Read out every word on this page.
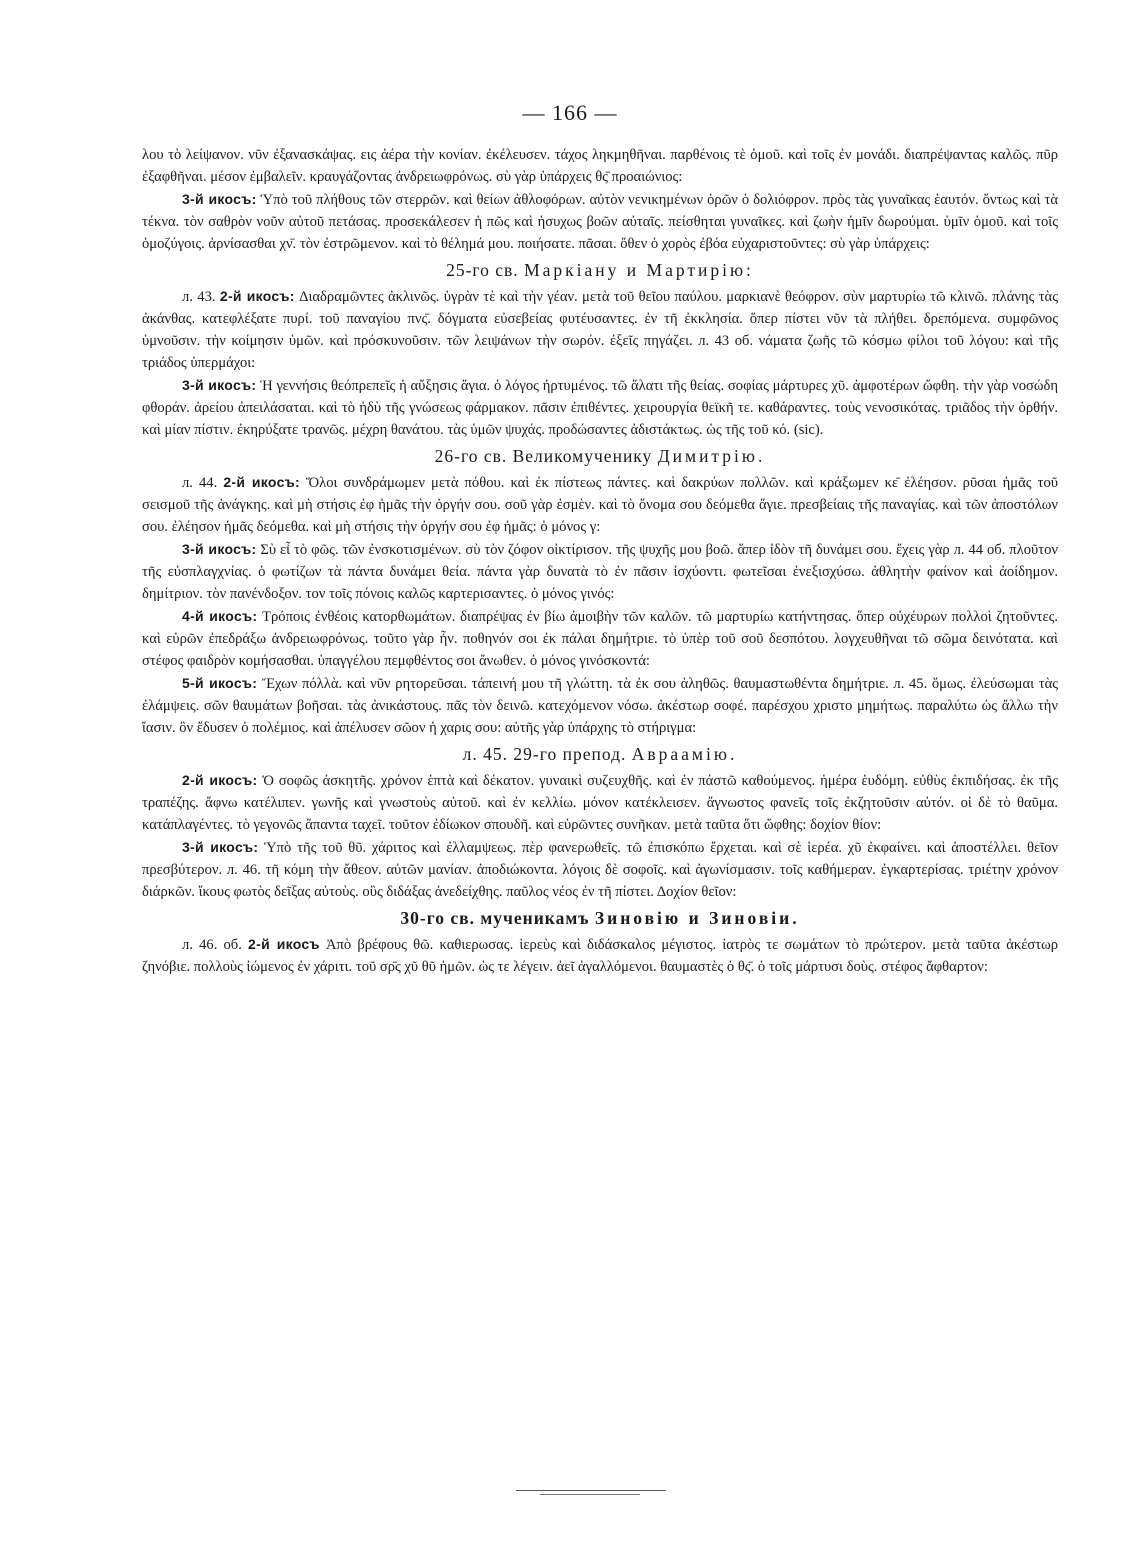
— 166 —

λου τὸ λείψανον. νῦν ἐξανασκάψας. εις ἀέρα τὴν κονίαν. ἐκέλευσεν. τάχος ληκμηθῆναι. παρθένοις τὲ ὁμοῦ. καὶ τοῖς ἐν μονάδι. διαπρέψαντας καλῶς. πῦρ ἐξαφθῆναι. μέσον ἐμβαλεῖν. κραυγάζοντας ἀνδρειωφρόνως. σὺ γὰρ ὑπάρχεις θς̄ προαιώνιος:

3-й икосъ: Ὑπὸ τοῦ πλήθους τῶν στερρῶν. καὶ θείων ἀθλοφόρων. αὐτὸν νενικημένων ὁρῶν ὁ δολιόφρον. πρὸς τὰς γυναῖκας ἑαυτόν. ὄντως καὶ τὰ τέκνα. τὸν σαθρὸν νοῦν αὐτοῦ πετάσας. προσεκάλεσεν ἡ πῶς καὶ ἡσυχως βοῶν αὐταῖς. πείσθηται γυναῖκες. καὶ ζωὴν ἡμῖν δωρούμαι. ὑμῖν ὁμοῦ. καὶ τοῖς ὁμοζύγοις. ἀρνίσασθαι χν̄. τὸν ἐστρῶμενον. καὶ τὸ θέλημά μου. ποιήσατε. πᾶσαι. ὅθεν ὁ χορὸς ἐβόα εὐχαριστοῦντες: σὺ γὰρ ὑπάρχεις:

25-го св. Маркіану и Мартирію:

л. 43. 2-й икосъ: Διαδραμῶντες ἀκλινῶς. ὑγρὰν τὲ καὶ τὴν γέαν. μετὰ τοῦ θεῖου παύλου. μαρκιανὲ θεόφρον. σὺν μαρτυρίω τῶ κλινῶ. πλάνης τὰς ἀκάνθας. κατεφλέξατε πυρί. τοῦ παναγίου πνς̄. δόγματα εὐσεβείας φυτέυσαντες. ἐν τῆ ἐκκλησία. ὅπερ πίστει νῦν τὰ πλήθει. δρεπόμενα. συμφῶνος ὑμνοῦσιν. τὴν κοίμησιν ὑμῶν. καὶ πρόσκυνοῦσιν. τῶν λειψάνων τὴν σωρόν. ἐξεῖς πηγάζει. л. 43 об. νάματα ζωῆς τῶ κόσμω φίλοι τοῦ λόγου: καὶ τῆς τριάδος ὑπερμάχοι:

3-й икосъ: Ἡ γεννήσις θεόπρεπεῖς ἡ αὔξησις ἅγια. ὁ λόγος ἠρτυμένος. τῶ ἅλατι τῆς θείας. σοφίας μάρτυρες χῦ. ἀμφοτέρων ὤφθη. τὴν γὰρ νοσώδη φθοράν. ἀρείου ἀπειλάσαται. καὶ τὸ ἡδὺ τῆς γνώσεως φάρμακον. πᾶσιν ἐπιθέντες. χειρουργία θεϊκῆ τε. καθάραντες. τοὺς νενοσικότας. τριᾶδος τὴν ὀρθήν. καὶ μίαν πίστιν. ἐκηρύξατε τρανῶς. μέχρη θανάτου. τὰς ὑμῶν ψυχάς. προδώσαντες ἀδιστάκτως. ὡς τῆς τοῦ κό. (sic).

26-го св. Великомученику Димитрію.

л. 44. 2-й икосъ: Ὅλοι συνδράμωμεν μετὰ πόθου. καὶ ἐκ πίστεως πάντες. καὶ δακρύων πολλῶν. καὶ κράξωμεν κε̄ ἐλέησον. ρῦσαι ἡμᾶς τοῦ σεισμοῦ τῆς ἀνάγκης. καὶ μὴ στήσις ἐφ ἡμᾶς τὴν ὀργήν σου. σοῦ γὰρ ἐσμὲν. καὶ τὸ ὄνομα σου δεόμεθα ἅγιε. πρεσβείαις τῆς παναγίας. καὶ τῶν ἀποστόλων σου. ἐλέησον ἡμᾶς δεόμεθα. καὶ μὴ στήσις τὴν ὀργήν σου ἐφ ἡμᾶς: ὁ μόνος γ:

3-й икосъ: Σὺ εἶ τὸ φῶς. τῶν ἐνσκοτισμένων. σὺ τὸν ζόφον οἰκτίρισον. τῆς ψυχῆς μου βοῶ. ἅπερ ἰδὸν τῆ δυνάμει σου. ἔχεις γὰρ л. 44 об. πλοῦτον τῆς εὐσπλαγχνίας. ὁ φωτίζων τὰ πάντα δυνάμει θεία. πάντα γὰρ δυνατὰ τὸ ἐν πᾶσιν ἰσχύοντι. φωτεῖσαι ἐνεξισχύσω. ἀθλητὴν φαίνον καὶ ἀοίδημον. δημίτριον. τὸν πανένδοξον. τον τοῖς πόνοις καλῶς καρτερισαντες. ὁ μόνος γινός:

4-й икосъ: Τρόποις ἐνθέοις κατορθωμάτων. διαπρέψας ἐν βίω ἀμοιβὴν τῶν καλῶν. τῶ μαρτυρίω κατήντησας. ὅπερ οὐχέυρων πολλοὶ ζητοῦντες. καὶ εὑρῶν ἐπεδράξω ἀνδρειωφρόνως. τοῦτο γὰρ ἦν. ποθηνόν σοι ἐκ πάλαι δημήτριε. τὸ ὑπὲρ τοῦ σοῦ δεσπότου. λογχευθῆναι τῶ σῶμα δεινότατα. καὶ στέφος φαιδρὸν κομήσασθαι. ὑπαγγέλου πεμφθέντος σοι ἄνωθεν. ὁ μόνος γινόσκοντά:

5-й икосъ: Ἔχων πόλλὰ. καὶ νῦν ρητορεῦσαι. τάπεινή μου τῆ γλώττη. τὰ ἐκ σου ἀληθῶς. θαυμαστωθέντα δημήτριε. л. 45. ὅμως. ἐλεύσωμαι τὰς ἐλάμψεις. σῶν θαυμάτων βοῆσαι. τὰς ἀνικάστους. πᾶς τὸν δεινῶ. κατεχόμενον νόσω. ἀκέστωρ σοφέ. παρέσχου χριστο μημήτως. παραλύτω ὡς ἄλλω τὴν ἴασιν. ὃν ἔδυσεν ὁ πολέμιος. καὶ ἀπέλυσεν σῶον ἡ χαρις σου: αὐτῆς γὰρ ὑπάρχης τὸ στήριγμα:

л. 45. 29-го препод. Авраамію.

2-й икосъ: Ὁ σοφῶς ἀσκητῆς. χρόνον ἑπτὰ καὶ δέκατον. γυναικὶ συζευχθῆς. καὶ ἐν πάστῶ καθούμενος. ἡμέρα ἑυδόμη. εὐθὺς ἐκπιδήσας. ἐκ τῆς τραπέζης. ἄφνω κατέλιπεν. γωνῆς καὶ γνωστοὺς αὐτοῦ. καὶ ἐν κελλίω. μόνον κατέκλεισεν. ἄγνωστος φανεῖς τοῖς ἐκζητοῦσιν αὐτόν. οἱ δὲ τὸ θαῦμα. κατάπλαγέντες. τὸ γεγονῶς ἅπαντα ταχεῖ. τοῦτον ἐδίωκον σπουδῆ. καὶ εὑρῶντες συνῆκαν. μετὰ ταῦτα ὅτι ὤφθης: δοχίον θίον:

3-й икосъ: Ὑπὸ τῆς τοῦ θῦ. χάριτος καὶ ἐλλαμψεως. πὲρ φανερωθεῖς. τῶ ἐπισκόπω ἔρχεται. καὶ σὲ ἱερέα. χῦ ἐκφαίνει. καὶ ἀποστέλλει. θεῖον πρεσβύτερον. л. 46. τῆ κόμη τὴν ἄθεον. αὐτῶν μανίαν. ἀποδιώκοντα. λόγοις δὲ σοφοῖς. καὶ ἀγωνίσμασιν. τοῖς καθήμεραν. ἐγκαρτερίσας. τριέτην χρόνον διάρκῶν. ἴκους φωτὸς δεῖξας αὐτοὺς. οὓς διδάξας ἀνεδείχθης. παῦλος νέος ἐν τῆ πίστει. Δοχίον θεῖον:

30-го св. мученикамъ Зиновію и Зиновіи.

л. 46. об. 2-й икосъ Ἀπὸ βρέφους θῶ. καθιερωσας. ἱερεὺς καὶ διδάσκαλος μέγιστος. ἰατρὸς τε σωμάτων τὸ πρώτερον. μετὰ ταῦτα ἀκέστωρ ζηνόβιε. πολλοὺς ἰώμενος ἐν χάριτι. τοῦ σρ̄ς χῦ θῦ ἡμῶν. ὡς τε λέγειν. ἀεῖ ἀγαλλόμενοι. θαυμαστὲς ὁ θς̄. ὁ τοῖς μάρτυσι δοὺς. στέφος ἄφθαρτον:
